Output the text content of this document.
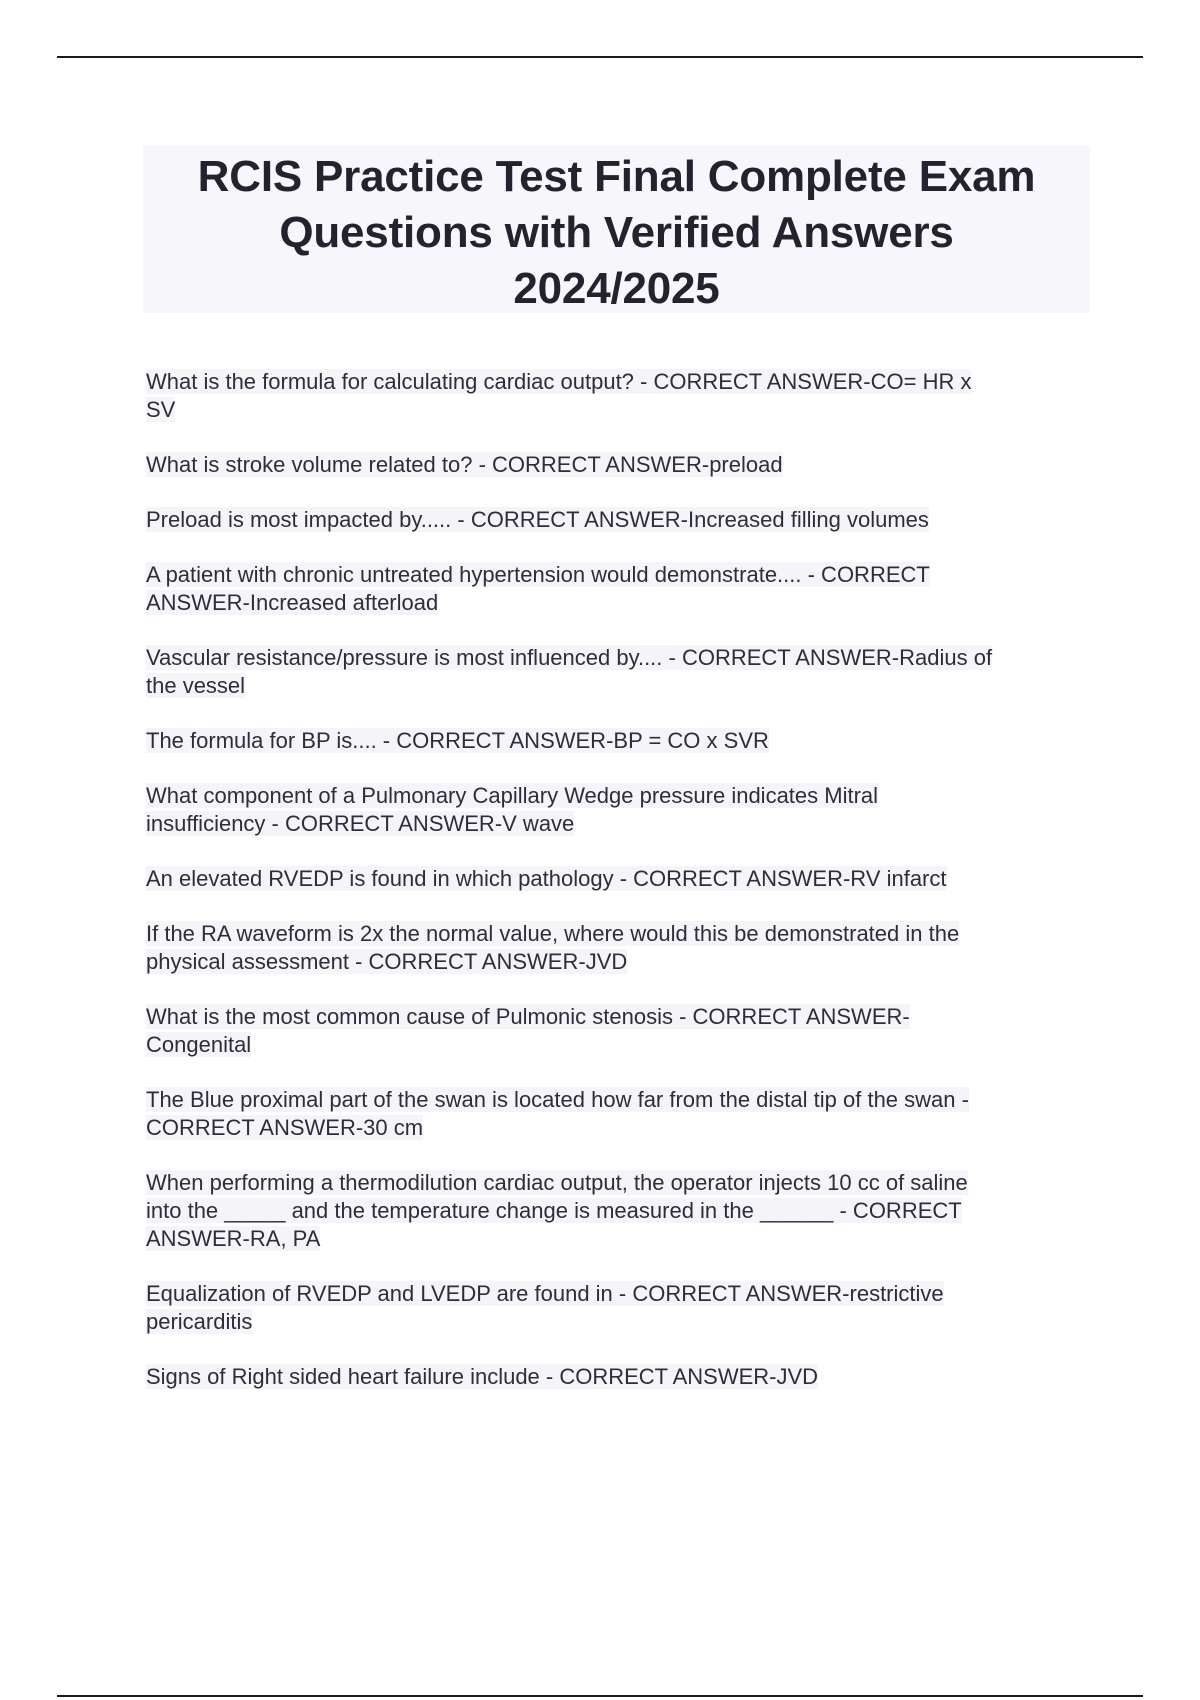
RCIS Practice Test Final Complete Exam
Questions with Verified Answers
2024/2025
What is the formula for calculating cardiac output? - CORRECT ANSWER-CO= HR x
SV
What is stroke volume related to? - CORRECT ANSWER-preload
Preload is most impacted by..... - CORRECT ANSWER-Increased filling volumes
A patient with chronic untreated hypertension would demonstrate.... - CORRECT
ANSWER-Increased afterload
Vascular resistance/pressure is most influenced by.... - CORRECT ANSWER-Radius of
the vessel
The formula for BP is.... - CORRECT ANSWER-BP = CO x SVR
What component of a Pulmonary Capillary Wedge pressure indicates Mitral
insufficiency - CORRECT ANSWER-V wave
An elevated RVEDP is found in which pathology - CORRECT ANSWER-RV infarct
If the RA waveform is 2x the normal value, where would this be demonstrated in the
physical assessment - CORRECT ANSWER-JVD
What is the most common cause of Pulmonic stenosis - CORRECT ANSWER-
Congenital
The Blue proximal part of the swan is located how far from the distal tip of the swan -
CORRECT ANSWER-30 cm
When performing a thermodilution cardiac output, the operator injects 10 cc of saline
into the _____ and the temperature change is measured in the ______ - CORRECT
ANSWER-RA, PA
Equalization of RVEDP and LVEDP are found in - CORRECT ANSWER-restrictive
pericarditis
Signs of Right sided heart failure include - CORRECT ANSWER-JVD
